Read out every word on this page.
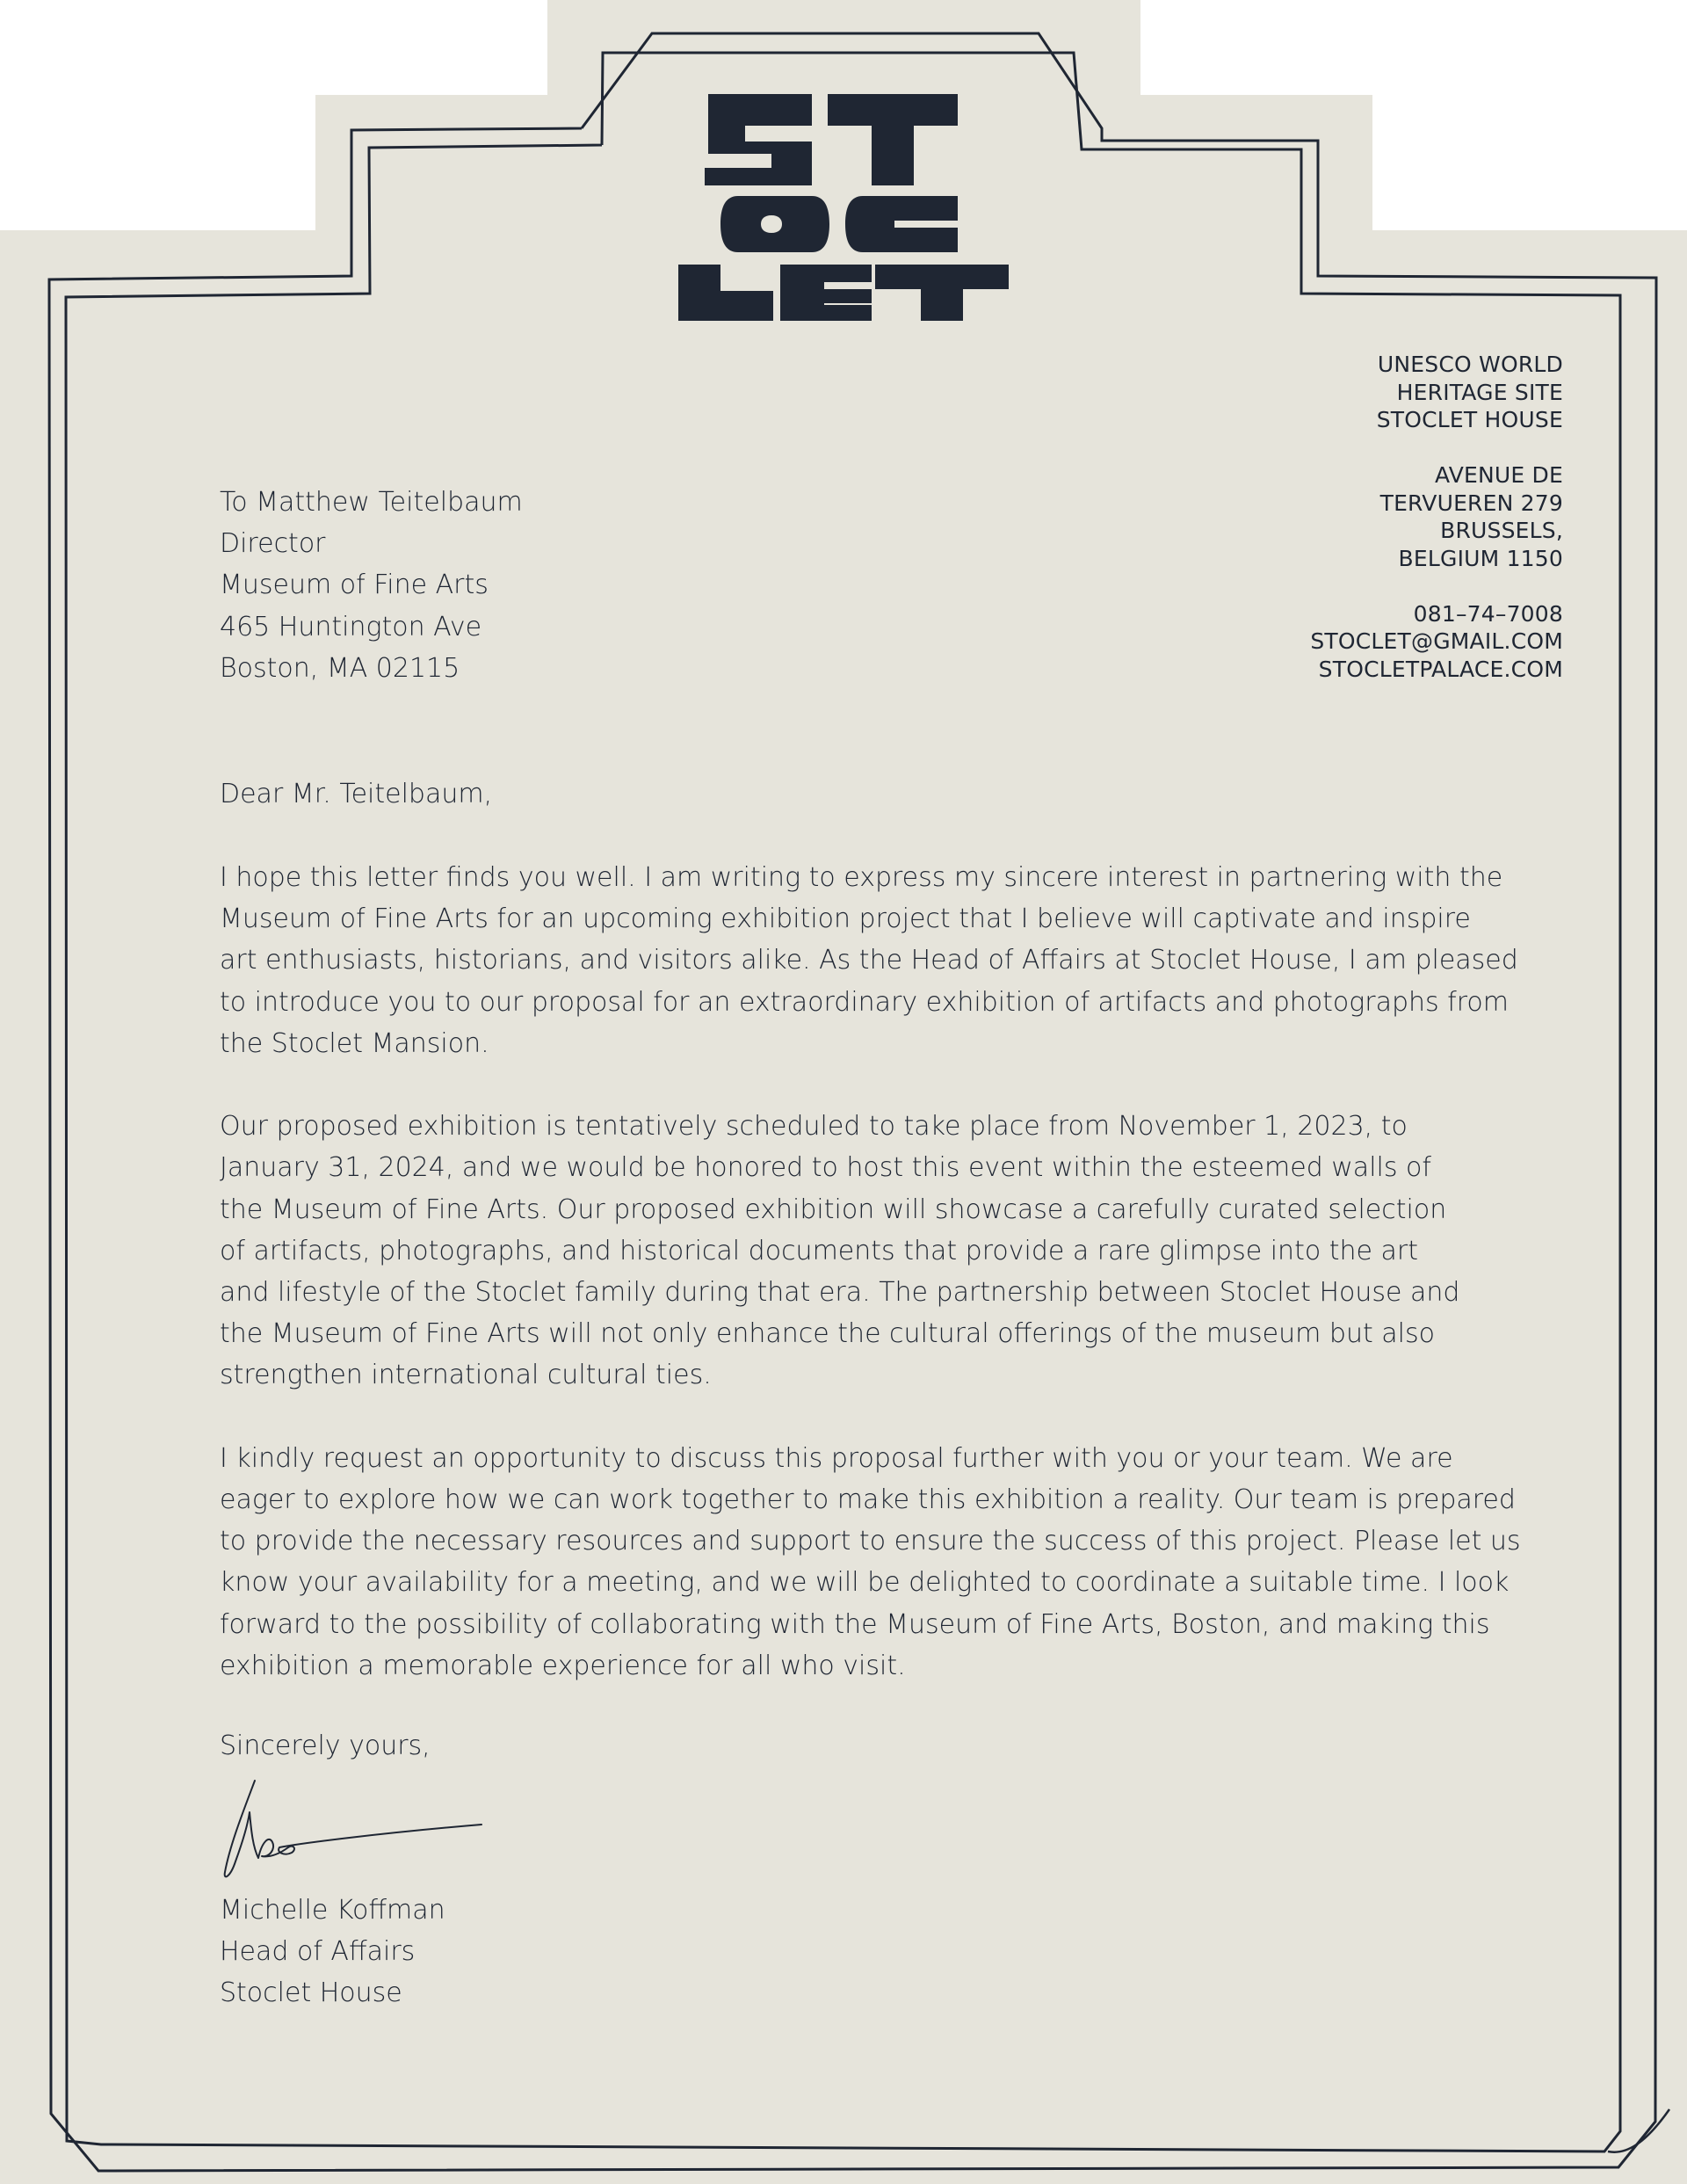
UNESCO WORLD
HERITAGE SITE
STOCLET HOUSE
AVENUE DE
TERVUEREN 279
BRUSSELS,
BELGIUM 1150
081–74–7008
STOCLET@GMAIL.COM
STOCLETPALACE.COM
To Matthew Teitelbaum
Director
Museum of Fine Arts
465 Huntington Ave
Boston, MA 02115
Dear Mr. Teitelbaum,

I hope this letter finds you well. I am writing to express my sincere interest in partnering with the
Museum of Fine Arts for an upcoming exhibition project that I believe will captivate and inspire
art enthusiasts, historians, and visitors alike. As the Head of Affairs at Stoclet House, I am pleased
to introduce you to our proposal for an extraordinary exhibition of artifacts and photographs from
the Stoclet Mansion.

Our proposed exhibition is tentatively scheduled to take place from November 1, 2023, to
January 31, 2024, and we would be honored to host this event within the esteemed walls of
the Museum of Fine Arts. Our proposed exhibition will showcase a carefully curated selection
of artifacts, photographs, and historical documents that provide a rare glimpse into the art
and lifestyle of the Stoclet family during that era. The partnership between Stoclet House and
the Museum of Fine Arts will not only enhance the cultural offerings of the museum but also
strengthen international cultural ties.

I kindly request an opportunity to discuss this proposal further with you or your team. We are
eager to explore how we can work together to make this exhibition a reality. Our team is prepared
to provide the necessary resources and support to ensure the success of this project. Please let us
know your availability for a meeting, and we will be delighted to coordinate a suitable time. I look
forward to the possibility of collaborating with the Museum of Fine Arts, Boston, and making this
exhibition a memorable experience for all who visit.

Sincerely yours,
Michelle Koffman
Head of Affairs
Stoclet House
